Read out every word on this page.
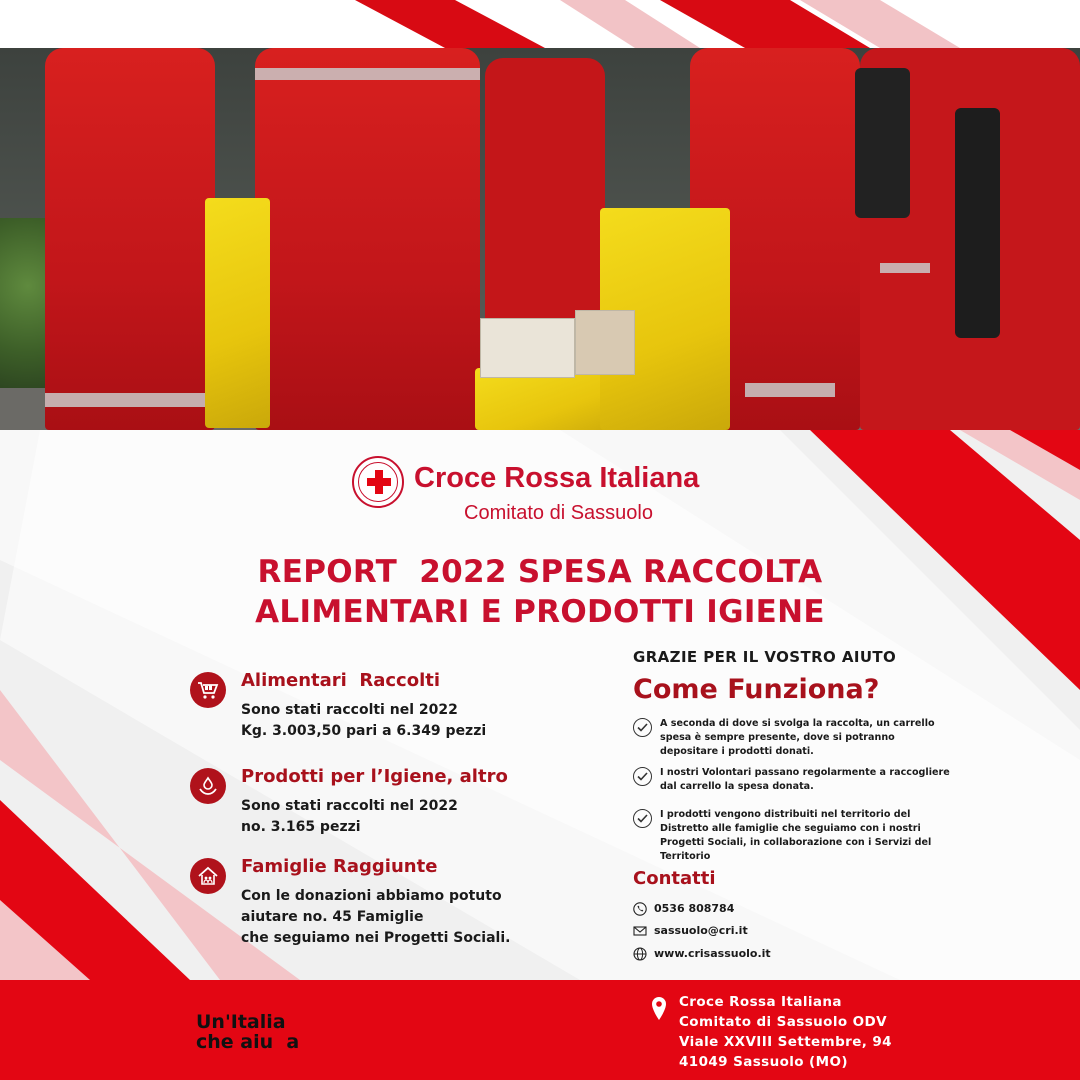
Croce Rossa Italiana
Comitato di Sassuolo
REPORT  2022 SPESA RACCOLTA
ALIMENTARI E PRODOTTI IGIENE
Alimentari  Raccolti
Sono stati raccolti nel 2022
Kg. 3.003,50 pari a 6.349 pezzi
Prodotti per l’Igiene, altro
Sono stati raccolti nel 2022
no. 3.165 pezzi
Famiglie Raggiunte
Con le donazioni abbiamo potuto
aiutare no. 45 Famiglie
che seguiamo nei Progetti Sociali.
GRAZIE PER IL VOSTRO AIUTO
Come Funziona?
A seconda di dove si svolga la raccolta, un carrello spesa è sempre presente, dove si potranno depositare i prodotti donati.
I nostri Volontari passano regolarmente a raccogliere dal carrello la spesa donata.
I prodotti vengono distribuiti nel territorio del Distretto alle famiglie che seguiamo con i nostri Progetti Sociali, in collaborazione con i Servizi del Territorio
Contatti
0536 808784
sassuolo@cri.it
www.crisassuolo.it
Un'Italia
che aiu  a
Croce Rossa Italiana
Comitato di Sassuolo ODV
Viale XXVIII Settembre, 94
41049 Sassuolo (MO)
